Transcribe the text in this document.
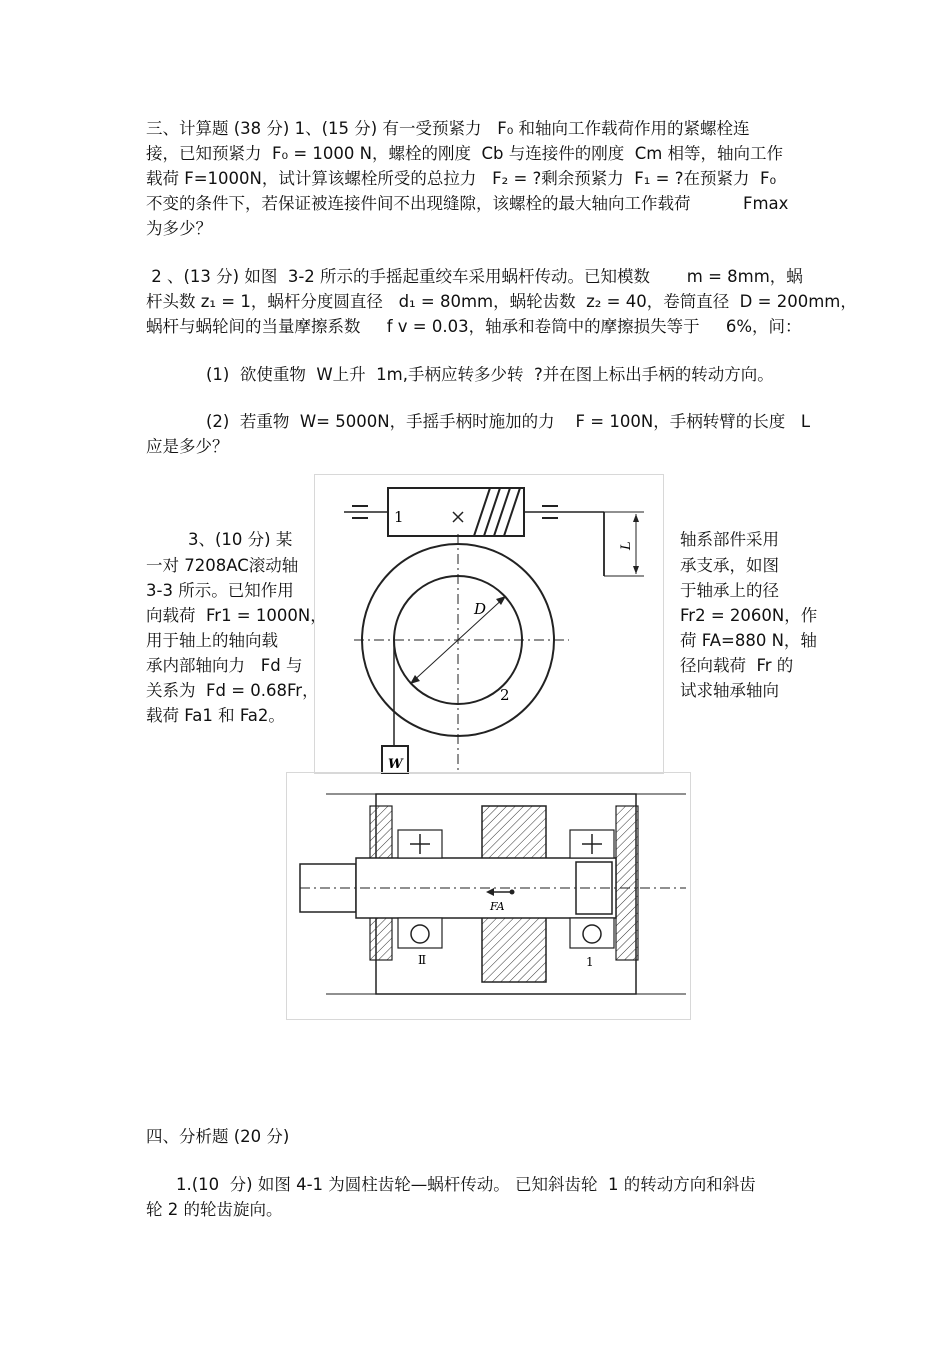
三、计算题 (38 分) 1、(15 分) 有一受预紧力   F₀ 和轴向工作载荷作用的紧螺栓连
接，已知预紧力  F₀ = 1000 N，螺栓的刚度  Cb 与连接件的刚度  Cm 相等，轴向工作
载荷 F=1000N，试计算该螺栓所受的总拉力   F₂ = ?剩余预紧力  F₁ = ?在预紧力  F₀
不变的条件下，若保证被连接件间不出现缝隙，该螺栓的最大轴向工作载荷          Fmax
为多少？
2 、(13 分) 如图  3-2 所示的手摇起重绞车采用蜗杆传动。已知模数       m = 8mm，蜗
杆头数 z₁ = 1，蜗杆分度圆直径   d₁ = 80mm，蜗轮齿数  z₂ = 40，卷筒直径  D = 200mm，
蜗杆与蜗轮间的当量摩擦系数     f v = 0.03，轴承和卷筒中的摩擦损失等于     6%，问：
(1)  欲使重物  W上升  1m,手柄应转多少转  ?并在图上标出手柄的转动方向。
(2)  若重物  W= 5000N，手摇手柄时施加的力    F = 100N，手柄转臂的长度   L
应是多少？
3、(10 分) 某
一对 7208AC滚动轴
3-3 所示。已知作用
向载荷  Fr1 = 1000N，
用于轴上的轴向载
承内部轴向力   Fd 与
关系为  Fd = 0.68Fr，
载荷 Fa1 和 Fa2。
轴系部件采用
承支承，如图
于轴承上的径
Fr2 = 2060N，作
荷 FA=880 N，轴
径向载荷  Fr 的
试求轴承轴向
L
1
D
2
W
FA
Ⅱ	1
四、分析题 (20 分)
1.(10  分) 如图 4-1 为圆柱齿轮—蜗杆传动。 已知斜齿轮  1 的转动方向和斜齿
轮 2 的轮齿旋向。
